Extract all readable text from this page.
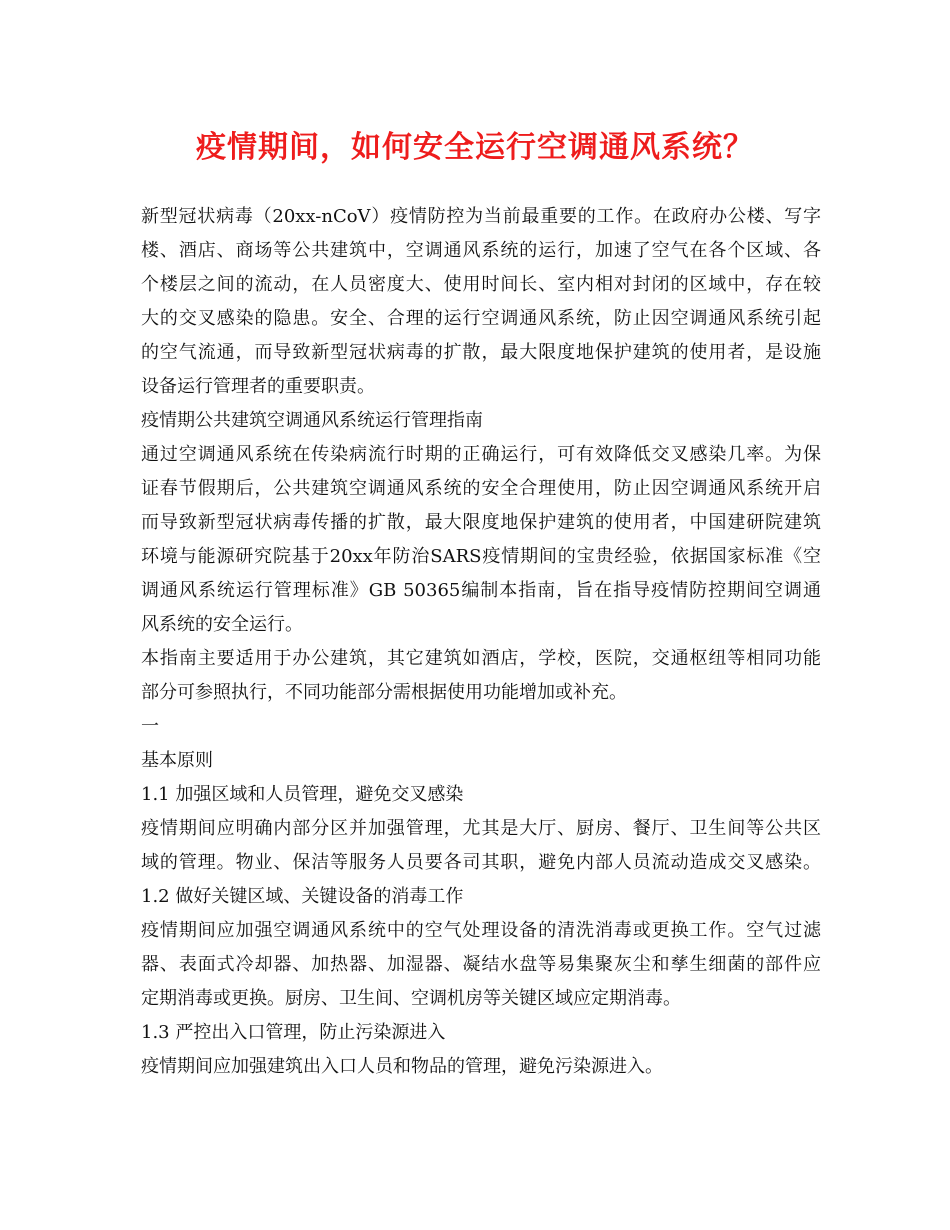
疫情期间，如何安全运行空调通风系统？
新型冠状病毒（20xx-nCoV）疫情防控为当前最重要的工作。在政府办公楼、写字
楼、酒店、商场等公共建筑中，空调通风系统的运行，加速了空气在各个区域、各
个楼层之间的流动，在人员密度大、使用时间长、室内相对封闭的区域中，存在较
大的交叉感染的隐患。安全、合理的运行空调通风系统，防止因空调通风系统引起
的空气流通，而导致新型冠状病毒的扩散，最大限度地保护建筑的使用者，是设施
设备运行管理者的重要职责。
疫情期公共建筑空调通风系统运行管理指南
通过空调通风系统在传染病流行时期的正确运行，可有效降低交叉感染几率。为保
证春节假期后，公共建筑空调通风系统的安全合理使用，防止因空调通风系统开启
而导致新型冠状病毒传播的扩散，最大限度地保护建筑的使用者，中国建研院建筑
环境与能源研究院基于20xx年防治SARS疫情期间的宝贵经验，依据国家标准《空
调通风系统运行管理标准》GB 50365编制本指南，旨在指导疫情防控期间空调通
风系统的安全运行。
本指南主要适用于办公建筑，其它建筑如酒店，学校，医院，交通枢纽等相同功能
部分可参照执行，不同功能部分需根据使用功能增加或补充。
一
基本原则
1.1 加强区域和人员管理，避免交叉感染
疫情期间应明确内部分区并加强管理，尤其是大厅、厨房、餐厅、卫生间等公共区
域的管理。物业、保洁等服务人员要各司其职，避免内部人员流动造成交叉感染。
1.2 做好关键区域、关键设备的消毒工作
疫情期间应加强空调通风系统中的空气处理设备的清洗消毒或更换工作。空气过滤
器、表面式冷却器、加热器、加湿器、凝结水盘等易集聚灰尘和孳生细菌的部件应
定期消毒或更换。厨房、卫生间、空调机房等关键区域应定期消毒。
1.3 严控出入口管理，防止污染源进入
疫情期间应加强建筑出入口人员和物品的管理，避免污染源进入。
